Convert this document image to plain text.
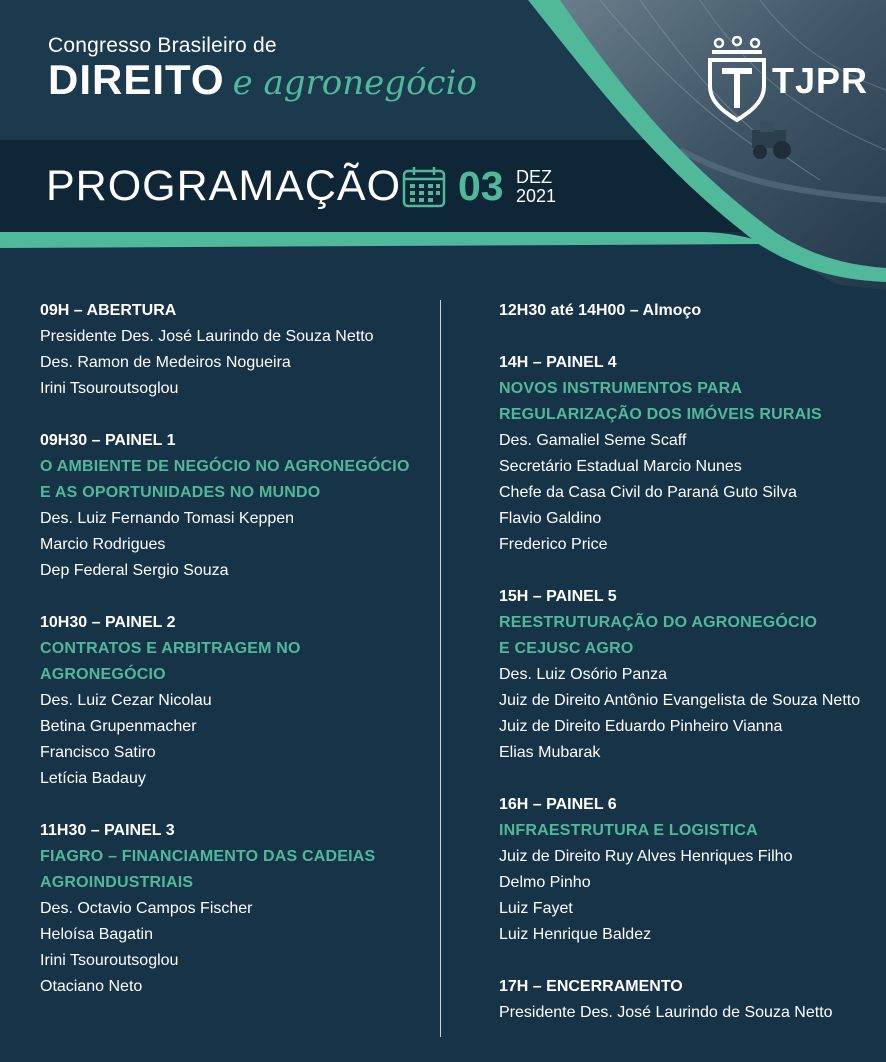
Congresso Brasileiro de
DIREITO e agronegócio	TJPR
PROGRAMAÇÃO 03 DEZ
2021
09H – ABERTURA
Presidente Des. José Laurindo de Souza Netto
Des. Ramon de Medeiros Nogueira
Irini Tsouroutsoglou
09H30 – PAINEL 1
O AMBIENTE DE NEGÓCIO NO AGRONEGÓCIO
E AS OPORTUNIDADES NO MUNDO
Des. Luiz Fernando Tomasi Keppen
Marcio Rodrigues
Dep Federal Sergio Souza
10H30 – PAINEL 2
CONTRATOS E ARBITRAGEM NO
AGRONEGÓCIO
Des. Luiz Cezar Nicolau
Betina Grupenmacher
Francisco Satiro
Letícia Badauy
11H30 – PAINEL 3
FIAGRO – FINANCIAMENTO DAS CADEIAS
AGROINDUSTRIAIS
Des. Octavio Campos Fischer
Heloísa Bagatin
Irini Tsouroutsoglou
Otaciano Neto
12H30 até 14H00 – Almoço
14H – PAINEL 4
NOVOS INSTRUMENTOS PARA
REGULARIZAÇÃO DOS IMÓVEIS RURAIS
Des. Gamaliel Seme Scaff
Secretário Estadual Marcio Nunes
Chefe da Casa Civil do Paraná Guto Silva
Flavio Galdino
Frederico Price
15H – PAINEL 5
REESTRUTURAÇÃO DO AGRONEGÓCIO
E CEJUSC AGRO
Des. Luiz Osório Panza
Juiz de Direito Antônio Evangelista de Souza Netto
Juiz de Direito Eduardo Pinheiro Vianna
Elias Mubarak
16H – PAINEL 6
INFRAESTRUTURA E LOGISTICA
Juiz de Direito Ruy Alves Henriques Filho
Delmo Pinho
Luiz Fayet
Luiz Henrique Baldez
17H – ENCERRAMENTO
Presidente Des. José Laurindo de Souza Netto
